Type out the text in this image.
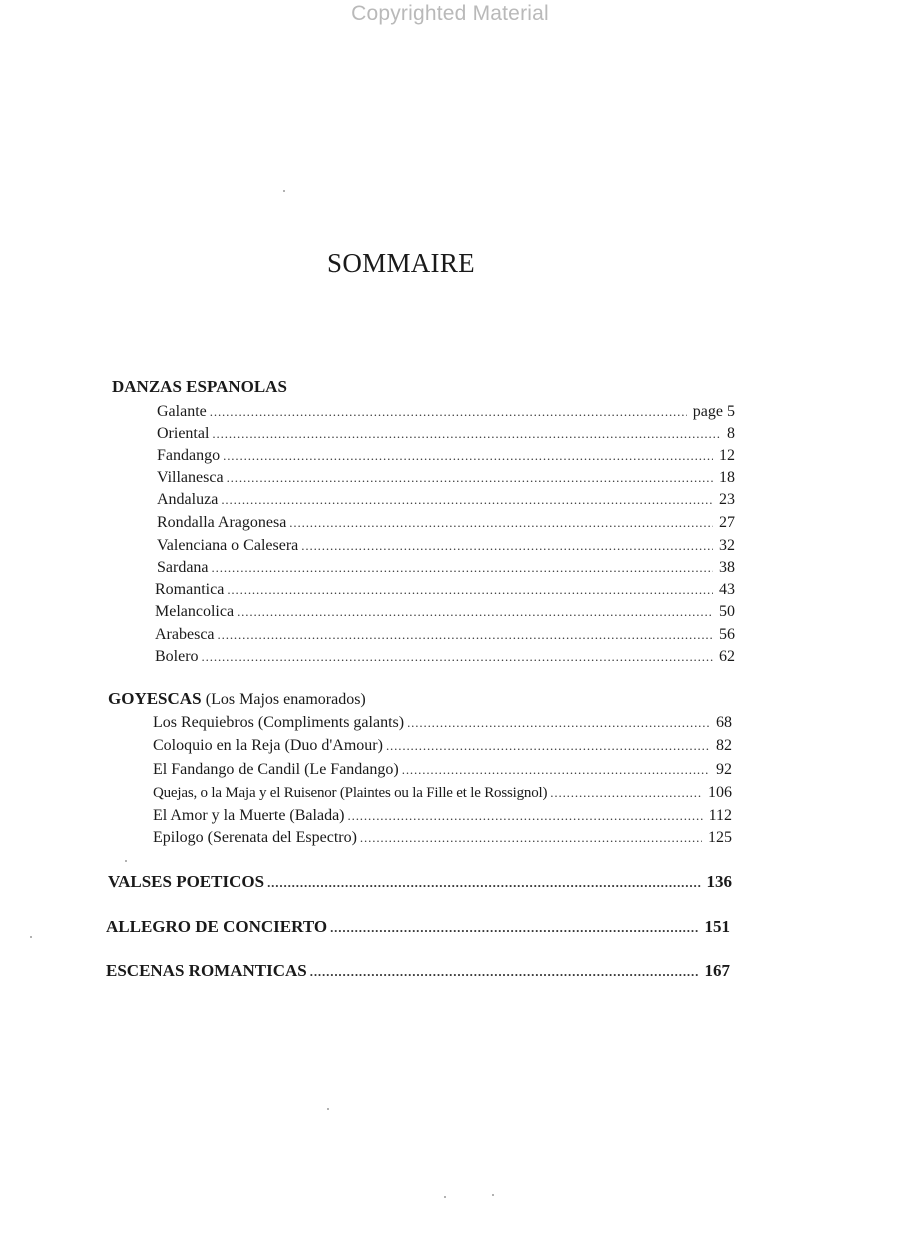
Copyrighted Material
SOMMAIRE
DANZAS ESPANOLAS
Galante . . .	page 5
Oriental . . .	8
Fandango . . .	12
Villanesca . . .	18
Andaluza . . .	23
Rondalla Aragonesa . . .	27
Valenciana o Calesera . . .	32
Sardana . . .	38
Romantica . . .	43
Melancolica . . .	50
Arabesca . . .	56
Bolero . . .	62
GOYESCAS (Los Majos enamorados)
Los Requiebros (Compliments galants) . . .	68
Coloquio en la Reja (Duo d'Amour) . . .	82
El Fandango de Candil (Le Fandango) . . .	92
Quejas, o la Maja y el Ruisenor (Plaintes ou la Fille et le Rossignol) . . .	106
El Amor y la Muerte (Balada) . . .	112
Epilogo (Serenata del Espectro) . . .	125
VALSES POETICOS . . .	136
ALLEGRO DE CONCIERTO . . .	151
ESCENAS ROMANTICAS . . .	167
